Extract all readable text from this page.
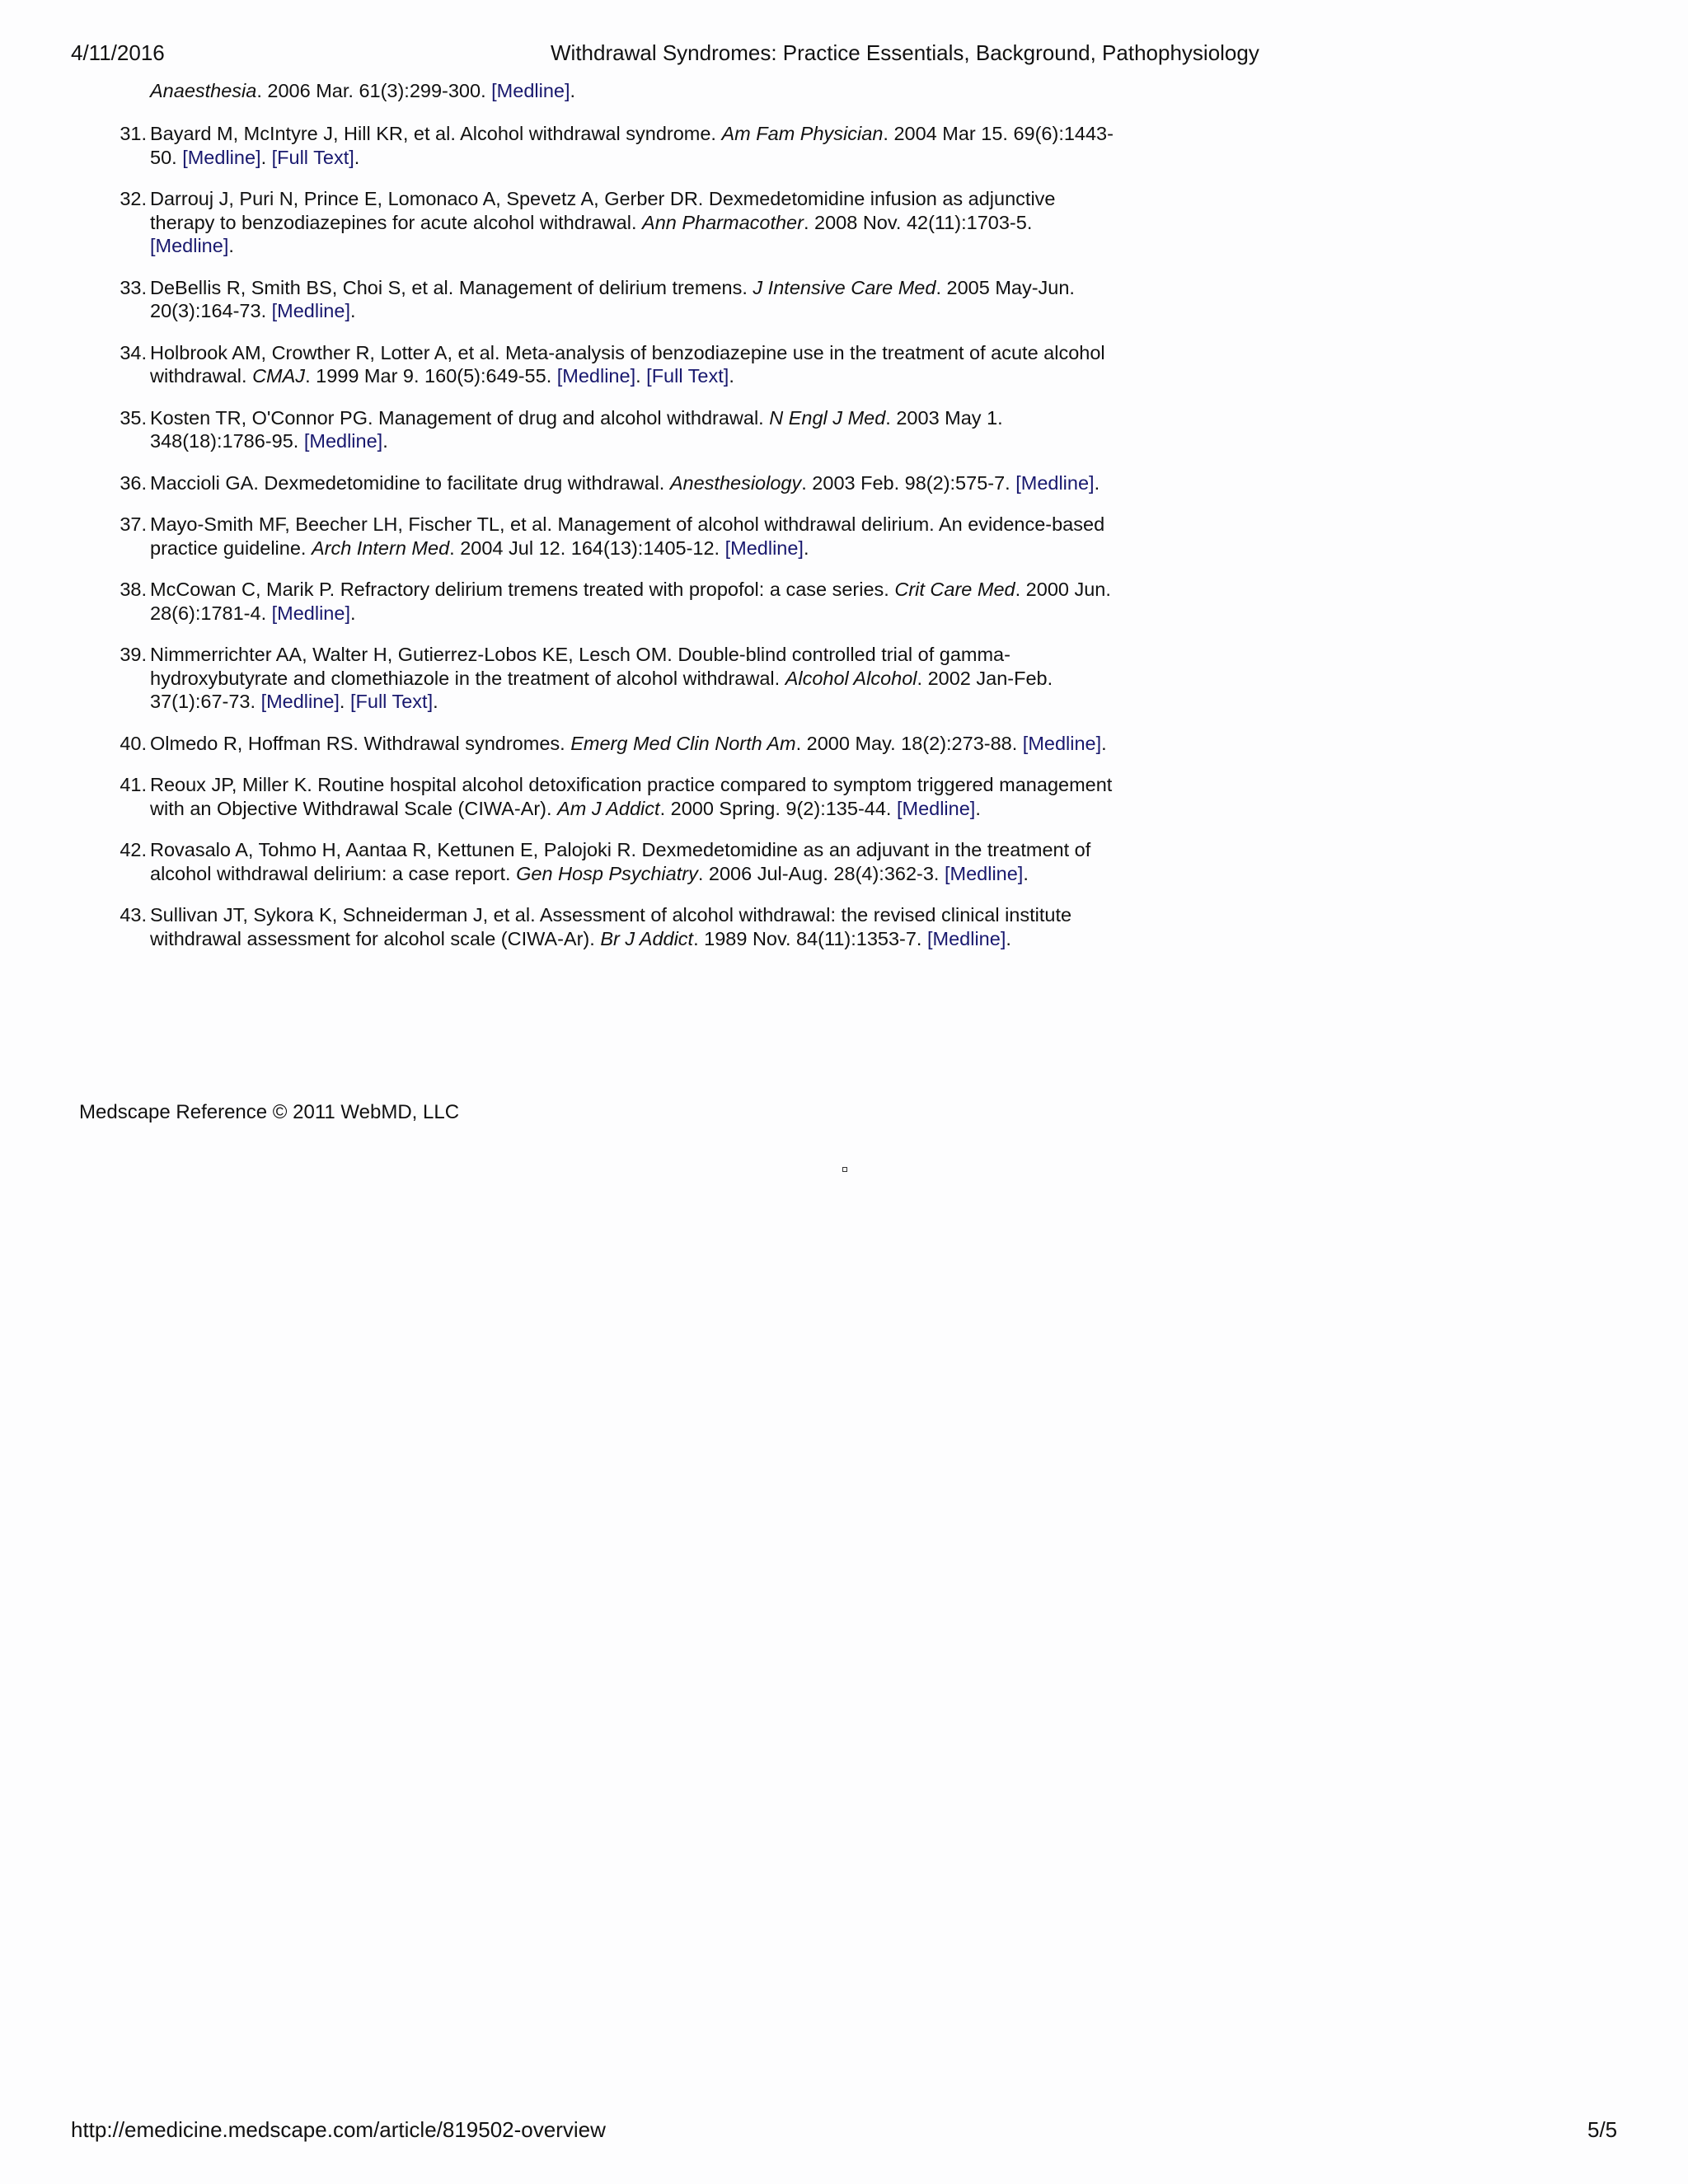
4/11/2016	Withdrawal Syndromes: Practice Essentials, Background, Pathophysiology
Anaesthesia. 2006 Mar. 61(3):299-300. [Medline].
31. Bayard M, McIntyre J, Hill KR, et al. Alcohol withdrawal syndrome. Am Fam Physician. 2004 Mar 15. 69(6):1443-50. [Medline]. [Full Text].
32. Darrouj J, Puri N, Prince E, Lomonaco A, Spevetz A, Gerber DR. Dexmedetomidine infusion as adjunctive therapy to benzodiazepines for acute alcohol withdrawal. Ann Pharmacother. 2008 Nov. 42(11):1703-5. [Medline].
33. DeBellis R, Smith BS, Choi S, et al. Management of delirium tremens. J Intensive Care Med. 2005 May-Jun. 20(3):164-73. [Medline].
34. Holbrook AM, Crowther R, Lotter A, et al. Meta-analysis of benzodiazepine use in the treatment of acute alcohol withdrawal. CMAJ. 1999 Mar 9. 160(5):649-55. [Medline]. [Full Text].
35. Kosten TR, O'Connor PG. Management of drug and alcohol withdrawal. N Engl J Med. 2003 May 1. 348(18):1786-95. [Medline].
36. Maccioli GA. Dexmedetomidine to facilitate drug withdrawal. Anesthesiology. 2003 Feb. 98(2):575-7. [Medline].
37. Mayo-Smith MF, Beecher LH, Fischer TL, et al. Management of alcohol withdrawal delirium. An evidence-based practice guideline. Arch Intern Med. 2004 Jul 12. 164(13):1405-12. [Medline].
38. McCowan C, Marik P. Refractory delirium tremens treated with propofol: a case series. Crit Care Med. 2000 Jun. 28(6):1781-4. [Medline].
39. Nimmerrichter AA, Walter H, Gutierrez-Lobos KE, Lesch OM. Double-blind controlled trial of gamma-hydroxybutyrate and clomethiazole in the treatment of alcohol withdrawal. Alcohol Alcohol. 2002 Jan-Feb. 37(1):67-73. [Medline]. [Full Text].
40. Olmedo R, Hoffman RS. Withdrawal syndromes. Emerg Med Clin North Am. 2000 May. 18(2):273-88. [Medline].
41. Reoux JP, Miller K. Routine hospital alcohol detoxification practice compared to symptom triggered management with an Objective Withdrawal Scale (CIWA-Ar). Am J Addict. 2000 Spring. 9(2):135-44. [Medline].
42. Rovasalo A, Tohmo H, Aantaa R, Kettunen E, Palojoki R. Dexmedetomidine as an adjuvant in the treatment of alcohol withdrawal delirium: a case report. Gen Hosp Psychiatry. 2006 Jul-Aug. 28(4):362-3. [Medline].
43. Sullivan JT, Sykora K, Schneiderman J, et al. Assessment of alcohol withdrawal: the revised clinical institute withdrawal assessment for alcohol scale (CIWA-Ar). Br J Addict. 1989 Nov. 84(11):1353-7. [Medline].
Medscape Reference © 2011 WebMD, LLC
http://emedicine.medscape.com/article/819502-overview	5/5
